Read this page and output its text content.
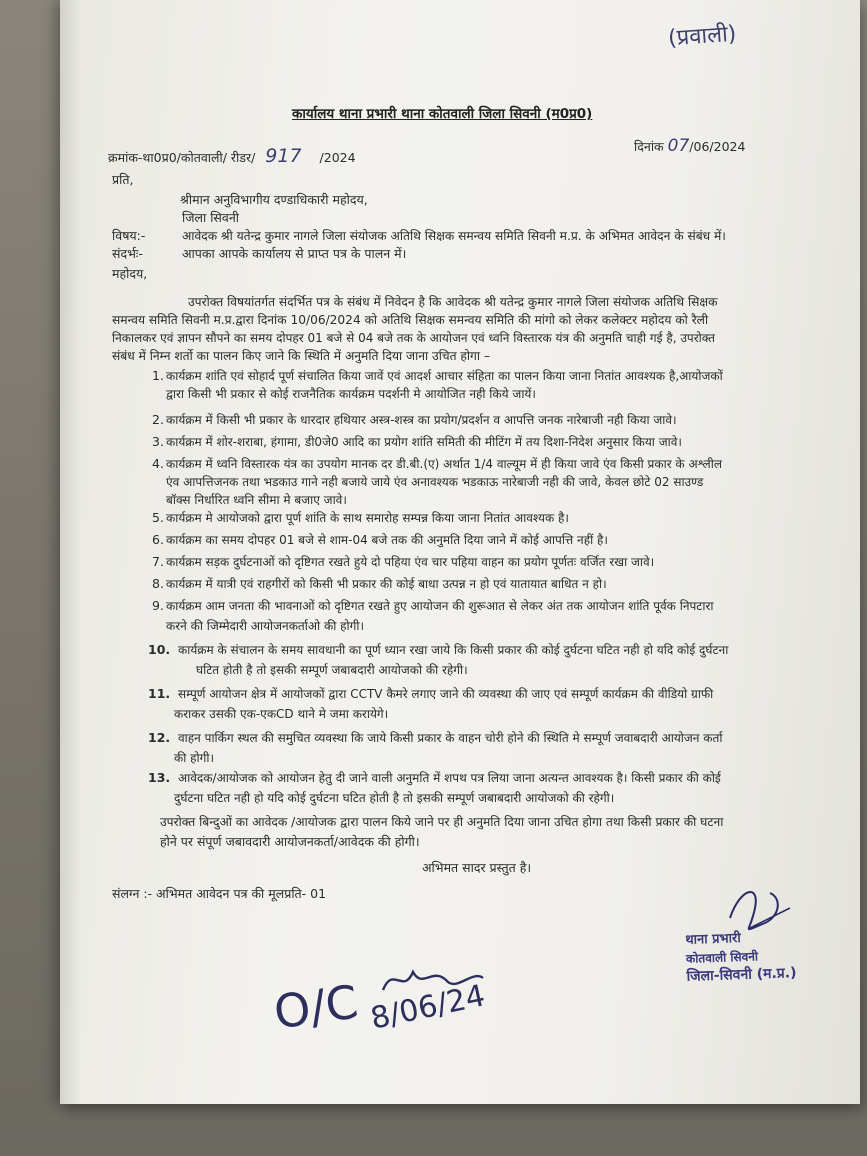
(प्रवाली)
कार्यालय थाना प्रभारी थाना कोतवाली जिला सिवनी (म0प्र0)
क्रमांक-था0प्र0/कोतवाली/ रीडर/ 917 /2024
दिनांक 07/06/2024
प्रति,
श्रीमान अनुविभागीय दण्डाधिकारी महोदय,
जिला सिवनी
विषय:-	आवेदक श्री यतेन्द्र कुमार नागले जिला संयोजक अतिथि सिक्षक समन्वय समिति सिवनी म.प्र. के अभिमत आवेदन के संबंध में।
संदर्भः-	आपका आपके कार्यालय से प्राप्त पत्र के पालन में।
महोदय,
उपरोक्त विषयांतर्गत संदर्भित पत्र के संबंध में निवेदन है कि आवेदक श्री यतेन्द्र कुमार नागले जिला संयोजक अतिथि सिक्षक
समन्वय समिति सिवनी म.प्र.द्वारा दिनांक 10/06/2024 को अतिथि सिक्षक समन्वय समिति की मांगो को लेकर कलेक्टर महोदय को रैली
निकालकर एवं ज्ञापन सौपने का समय दोपहर 01 बजे से 04 बजे तक के आयोजन एवं ध्वनि विस्तारक यंत्र की अनुमति चाही गई है, उपरोक्त
संबंध में निम्न शर्तो का पालन किए जाने कि स्थिति में अनुमति दिया जाना उचित होगा –
1. कार्यक्रम शांति एवं सोहार्द पूर्ण संचालित किया जावें एवं आदर्श आचार संहिता का पालन किया जाना नितांत आवश्यक है,आयोजकों
द्वारा किसी भी प्रकार से कोई राजनैतिक कार्यक्रम पदर्शनी मे आयोजित नही किये जायें।
2. कार्यक्रम में किसी भी प्रकार के धारदार हथियार अस्त्र-शस्त्र का प्रयोग/प्रदर्शन व आपत्ति जनक नारेबाजी नही किया जावे।
3. कार्यक्रम में शोर-शराबा, हंगामा, डी0जे0 आदि का प्रयोग शांति समिती की मीटिंग में तय दिशा-निदेश अनुसार किया जावे।
4. कार्यक्रम में ध्वनि विस्तारक यंत्र का उपयोग मानक दर डी.बी.(ए) अर्थात 1/4 वाल्यूम में ही किया जावे एंव किसी प्रकार के अश्लील
एंव आपत्तिजनक तथा भडकाउ गाने नही बजाये जाये एंव अनावश्यक भडकाऊ नारेबाजी नही की जावे, केवल छोटे 02 साउण्ड
बॉक्स निर्धारित ध्वनि सीमा मे बजाए जावे।
5. कार्यक्रम मे आयोजको द्वारा पूर्ण शांति के साथ समारोह सम्पन्न किया जाना नितांत आवश्यक है।
6. कार्यक्रम का समय दोपहर 01 बजे से शाम-04 बजे तक की अनुमति दिया जाने में कोई आपत्ति नहीं है।
7. कार्यक्रम सड़क दुर्घटनाओं को दृष्टिगत रखते हुये दो पहिया एंव चार पहिया वाहन का प्रयोग पूर्णतः वर्जित रखा जावे।
8. कार्यक्रम में यात्री एवं राहगीरों को किसी भी प्रकार की कोई बाधा उत्पन्न न हो एवं यातायात बाधित न हो।
9. कार्यक्रम आम जनता की भावनाओं को दृष्टिगत रखते हुए आयोजन की शुरूआत से लेकर अंत तक आयोजन शांति पूर्वक निपटारा
करने की जिम्मेदारी आयोजनकर्ताओ की होगी।
10. कार्यक्रम के संचालन के समय सावधानी का पूर्ण ध्यान रखा जाये कि किसी प्रकार की कोई दुर्घटना घटित नही हो यदि कोई दुर्घटना
घटित होती है तो इसकी सम्पूर्ण जबाबदारी आयोजको की रहेगी।
11. सम्पूर्ण आयोजन क्षेत्र में आयोजकों द्वारा CCTV कैमरे लगाए जाने की व्यवस्था की जाए एवं सम्पूर्ण कार्यक्रम की वीडियो ग्राफी
कराकर उसकी एक-एकCD थाने मे जमा करायेगे।
12. वाहन पार्किग स्थल की समुचित व्यवस्था कि जाये किसी प्रकार के वाहन चोरी होने की स्थिति मे सम्पूर्ण जवाबदारी आयोजन कर्ता
की होगी।
13. आवेदक/आयोजक को आयोजन हेतु दी जाने वाली अनुमति में शपथ पत्र लिया जाना अत्यन्त आवश्यक है। किसी प्रकार की कोई
दुर्घटना घटित नही हो यदि कोई दुर्घटना घटित होती है तो इसकी सम्पूर्ण जबाबदारी आयोजको की रहेगी।
उपरोक्त बिन्दुओं का आवेदक /आयोजक द्वारा पालन किये जाने पर ही अनुमति दिया जाना उचित होगा तथा किसी प्रकार की घटना
होने पर संपूर्ण जबावदारी आयोजनकर्ता/आवेदक की होगी।
अभिमत सादर प्रस्तुत है।
संलग्न :- अभिमत आवेदन पत्र की मूलप्रति- 01
थाना प्रभारी
कोतवाली सिवनी
जिला-सिवनी (म.प्र.)
O/C 8/06/24
